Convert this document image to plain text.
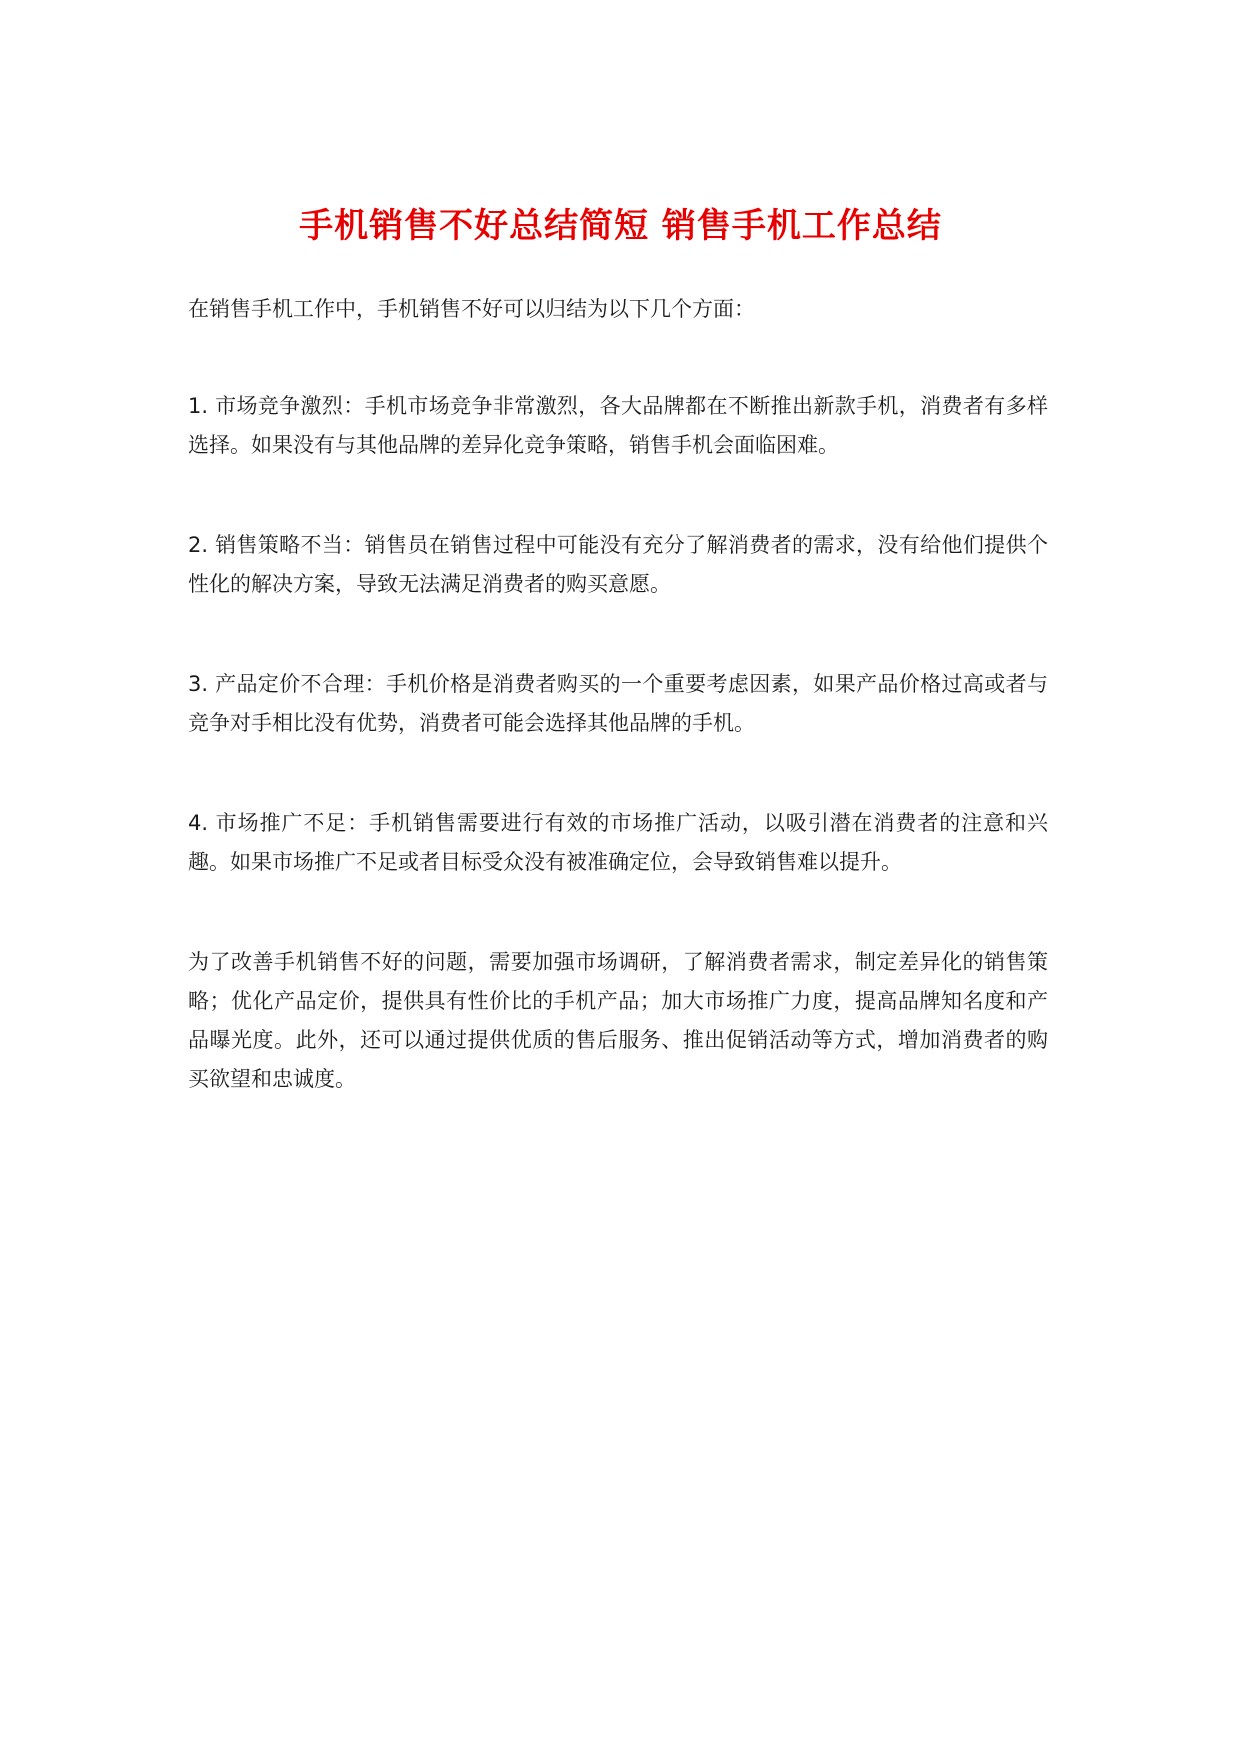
手机销售不好总结简短 销售手机工作总结

在销售手机工作中，手机销售不好可以归结为以下几个方面：

1. 市场竞争激烈：手机市场竞争非常激烈，各大品牌都在不断推出新款手机，消费者有多样选择。如果没有与其他品牌的差异化竞争策略，销售手机会面临困难。

2. 销售策略不当：销售员在销售过程中可能没有充分了解消费者的需求，没有给他们提供个性化的解决方案，导致无法满足消费者的购买意愿。

3. 产品定价不合理：手机价格是消费者购买的一个重要考虑因素，如果产品价格过高或者与竞争对手相比没有优势，消费者可能会选择其他品牌的手机。

4. 市场推广不足：手机销售需要进行有效的市场推广活动，以吸引潜在消费者的注意和兴趣。如果市场推广不足或者目标受众没有被准确定位，会导致销售难以提升。

为了改善手机销售不好的问题，需要加强市场调研，了解消费者需求，制定差异化的销售策略；优化产品定价，提供具有性价比的手机产品；加大市场推广力度，提高品牌知名度和产品曝光度。此外，还可以通过提供优质的售后服务、推出促销活动等方式，增加消费者的购买欲望和忠诚度。
